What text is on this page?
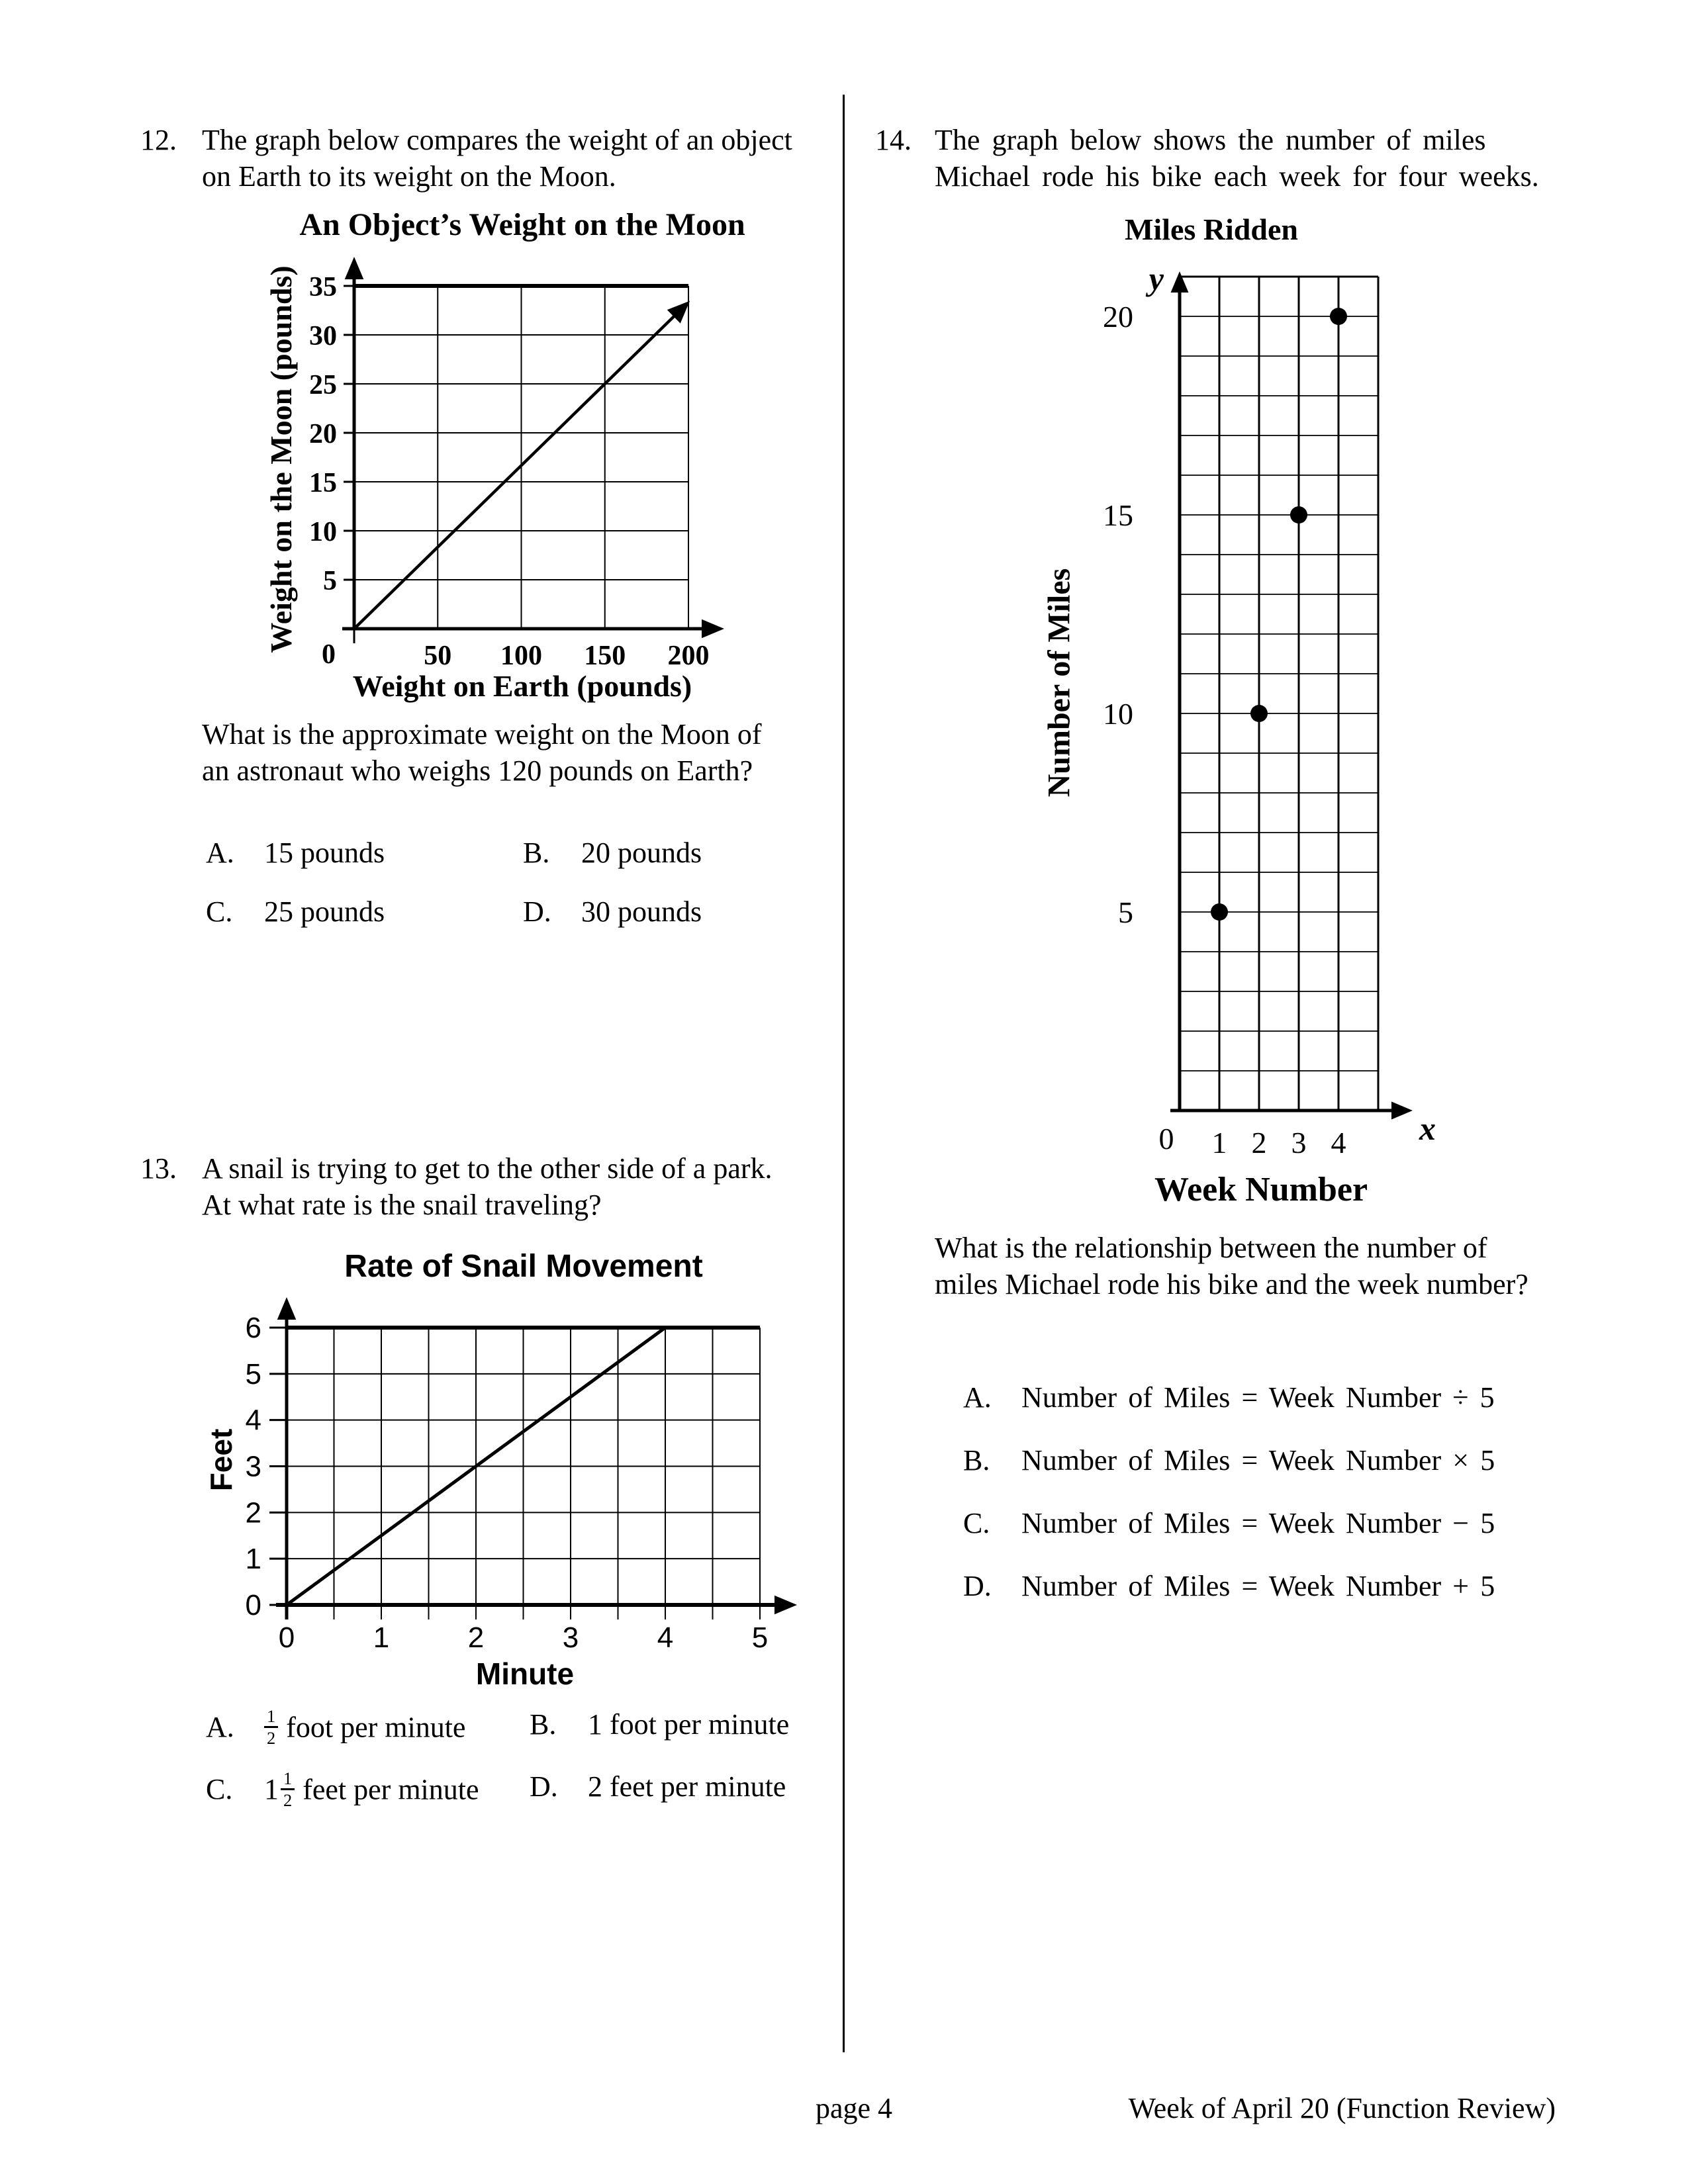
50 100 150 200
5
10
15
20
25
30
35
0
0
1
2
3
4
5
6
0	1	2	3	4	5
y
x
5
10
15
20
0 1 2 3 4
12. The graph below compares the weight of an object
on Earth to its weight on the Moon.
An Object’s Weight on the Moon
Weight on the Moon (pounds)
Weight on Earth (pounds)
What is the approximate weight on the Moon of
an astronaut who weighs 120 pounds on Earth?
A. 15 pounds	B. 20 pounds
C. 25 pounds	D. 30 pounds
13. A snail is trying to get to the other side of a park.
At what rate is the snail traveling?
Rate of Snail Movement
Feet
Minute
A. $\frac{1}{2}$ foot per minute B. 1 foot per minute
C. $1 \frac{1}{2}$ feet per minute D. 2 feet per minute
14. The graph below shows the number of miles
Michael rode his bike each week for four weeks.
Miles Ridden
Number of Miles
Week Number
What is the relationship between the number of
miles Michael rode his bike and the week number?
A. Number of Miles = Week Number ÷ 5
B. Number of Miles = Week Number × 5
C. Number of Miles = Week Number − 5
D. Number of Miles = Week Number + 5
page 4	Week of April 20 (Function Review)
